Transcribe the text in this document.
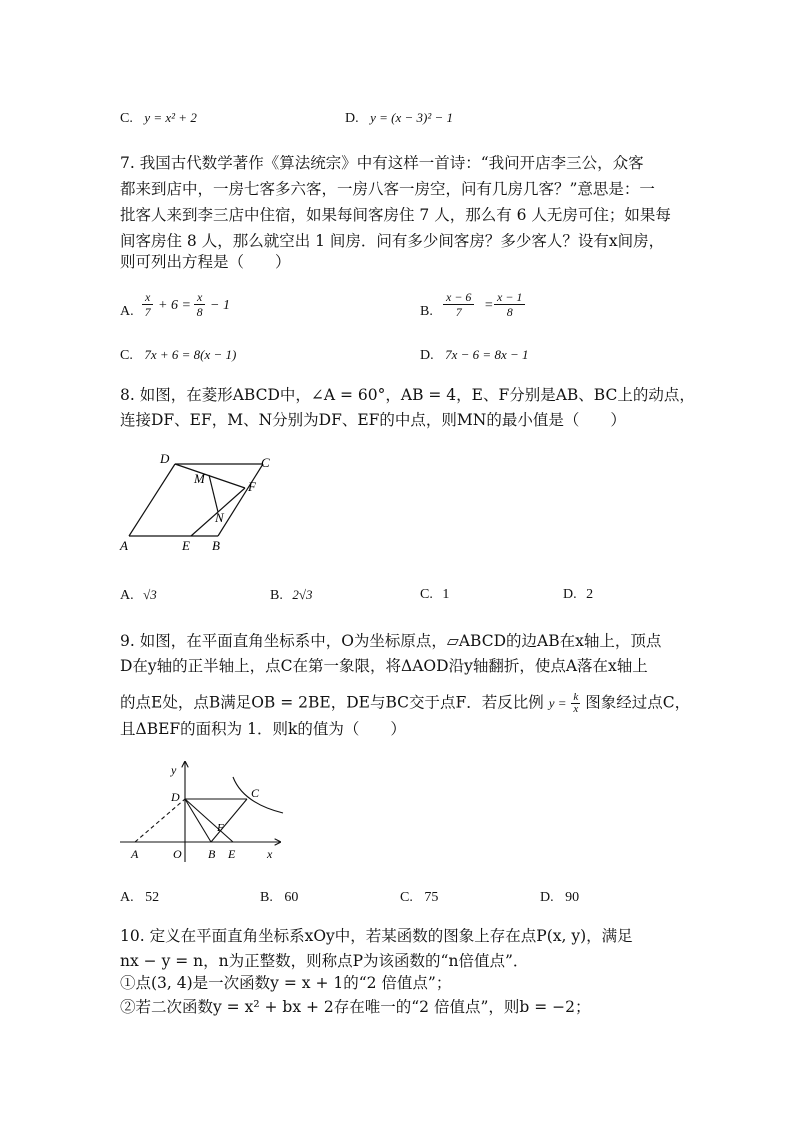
C. y = x² + 2	D. y = (x − 3)² − 1
7. 我国古代数学著作《算法统宗》中有这样一首诗：“我问开店李三公，众客
都来到店中，一房七客多六客，一房八客一房空，问有几房几客？”意思是：一
批客人来到李三店中住宿，如果每间客房住 7 人，那么有 6 人无房可住；如果每
间客房住 8 人，那么就空出 1 间房．问有多少间客房？多少客人？设有x间房，
则可列出方程是（　　）
A. $\frac{x}{7} + 6 = \frac{x}{8} - 1$	B. $\frac{x - 6}{7} = \frac{x - 1}{8}$
C. 7x + 6 = 8(x − 1)	D. 7x − 6 = 8x − 1
8. 如图，在菱形ABCD中，∠A = 60°，AB = 4，E、F分别是AB、BC上的动点，
连接DF、EF，M、N分别为DF、EF的中点，则MN的最小值是（　　）
D	C
M
F
N
A	E B
A. √3	B. 2√3	C. 1	D. 2
9. 如图，在平面直角坐标系中，O为坐标原点，▱ABCD的边AB在x轴上，顶点
D在y轴的正半轴上，点C在第一象限，将ΔAOD沿y轴翻折，使点A落在x轴上
的点E处，点B满足OB = 2BE，DE与BC交于点F．若反比例 $y = \frac{k}{x}$ 图象经过点C，
且ΔBEF的面积为 1．则k的值为（　　）
y
D	C
F
A	O B E	x
A. 52	B. 60	C. 75	D. 90
10. 定义在平面直角坐标系xOy中，若某函数的图象上存在点P(x, y)，满足
nx − y = n，n为正整数，则称点P为该函数的“n倍值点”．
①点(3, 4)是一次函数y = x + 1的“2 倍值点”；
②若二次函数y = x² + bx + 2存在唯一的“2 倍值点”，则b = −2；
